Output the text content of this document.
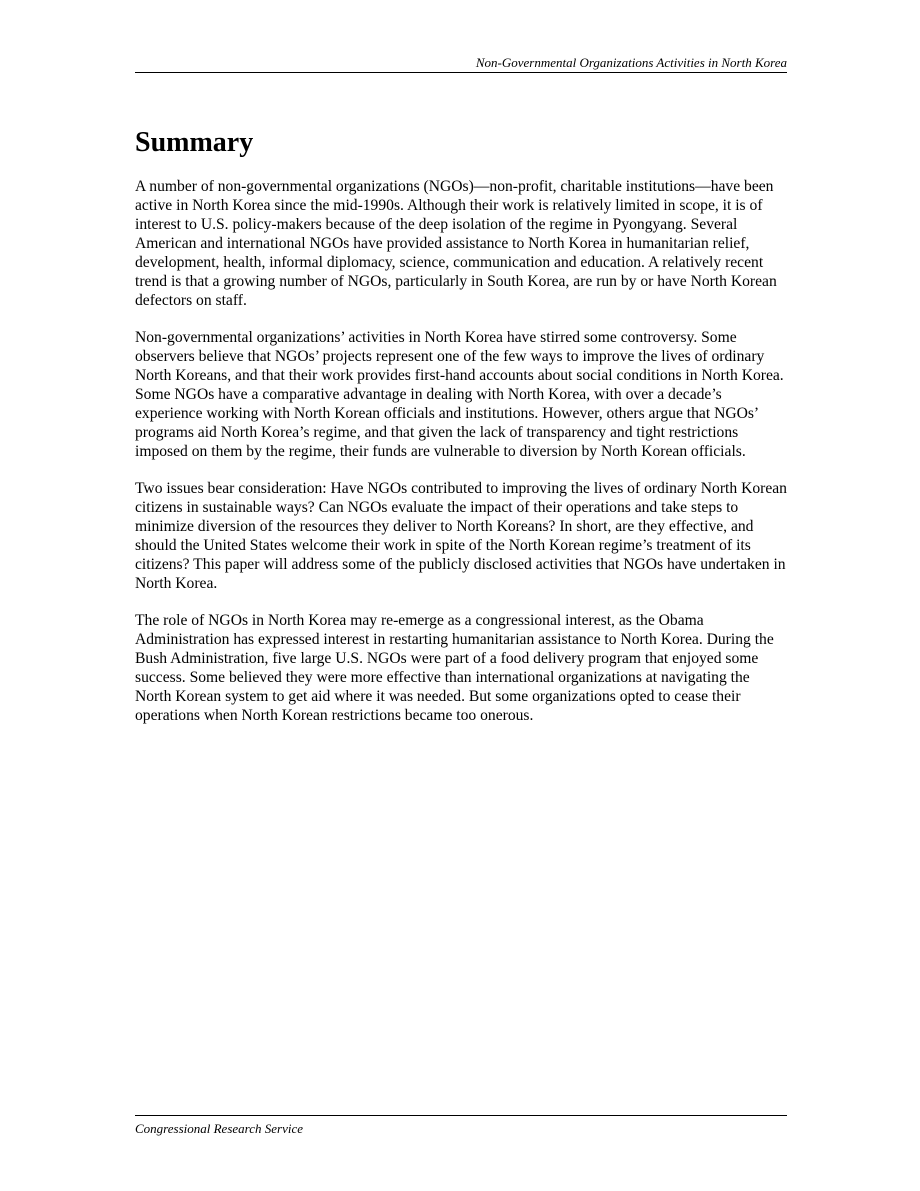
Non-Governmental Organizations Activities in North Korea
Summary

A number of non-governmental organizations (NGOs)—non-profit, charitable institutions—have been active in North Korea since the mid-1990s. Although their work is relatively limited in scope, it is of interest to U.S. policy-makers because of the deep isolation of the regime in Pyongyang. Several American and international NGOs have provided assistance to North Korea in humanitarian relief, development, health, informal diplomacy, science, communication and education. A relatively recent trend is that a growing number of NGOs, particularly in South Korea, are run by or have North Korean defectors on staff.

Non-governmental organizations’ activities in North Korea have stirred some controversy. Some observers believe that NGOs’ projects represent one of the few ways to improve the lives of ordinary North Koreans, and that their work provides first-hand accounts about social conditions in North Korea. Some NGOs have a comparative advantage in dealing with North Korea, with over a decade’s experience working with North Korean officials and institutions. However, others argue that NGOs’ programs aid North Korea’s regime, and that given the lack of transparency and tight restrictions imposed on them by the regime, their funds are vulnerable to diversion by North Korean officials.

Two issues bear consideration: Have NGOs contributed to improving the lives of ordinary North Korean citizens in sustainable ways? Can NGOs evaluate the impact of their operations and take steps to minimize diversion of the resources they deliver to North Koreans? In short, are they effective, and should the United States welcome their work in spite of the North Korean regime’s treatment of its citizens? This paper will address some of the publicly disclosed activities that NGOs have undertaken in North Korea.

The role of NGOs in North Korea may re-emerge as a congressional interest, as the Obama Administration has expressed interest in restarting humanitarian assistance to North Korea. During the Bush Administration, five large U.S. NGOs were part of a food delivery program that enjoyed some success. Some believed they were more effective than international organizations at navigating the North Korean system to get aid where it was needed. But some organizations opted to cease their operations when North Korean restrictions became too onerous.

Congressional Research Service
